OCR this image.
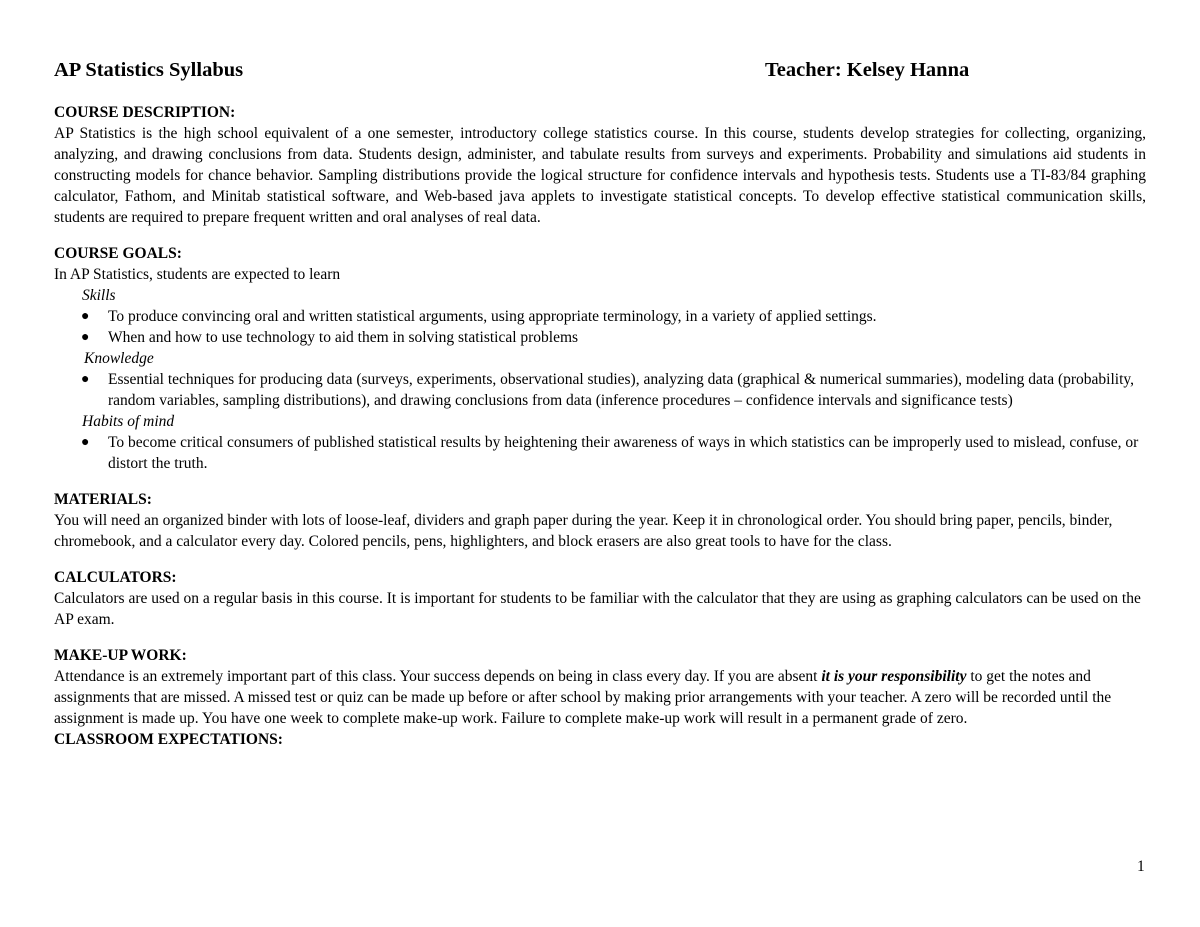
AP Statistics Syllabus	Teacher: Kelsey Hanna
COURSE DESCRIPTION:
AP Statistics is the high school equivalent of a one semester, introductory college statistics course. In this course, students develop strategies for collecting, organizing, analyzing, and drawing conclusions from data. Students design, administer, and tabulate results from surveys and experiments. Probability and simulations aid students in constructing models for chance behavior. Sampling distributions provide the logical structure for confidence intervals and hypothesis tests. Students use a TI-83/84 graphing calculator, Fathom, and Minitab statistical software, and Web-based java applets to investigate statistical concepts. To develop effective statistical communication skills, students are required to prepare frequent written and oral analyses of real data.
COURSE GOALS:
In AP Statistics, students are expected to learn
Skills
● To produce convincing oral and written statistical arguments, using appropriate terminology, in a variety of applied settings.
● When and how to use technology to aid them in solving statistical problems
Knowledge
● Essential techniques for producing data (surveys, experiments, observational studies), analyzing data (graphical & numerical summaries), modeling data (probability, random variables, sampling distributions), and drawing conclusions from data (inference procedures – confidence intervals and significance tests)
Habits of mind
● To become critical consumers of published statistical results by heightening their awareness of ways in which statistics can be improperly used to mislead, confuse, or distort the truth.
MATERIALS:
You will need an organized binder with lots of loose-leaf, dividers and graph paper during the year. Keep it in chronological order. You should bring paper, pencils, binder, chromebook, and a calculator every day. Colored pencils, pens, highlighters, and block erasers are also great tools to have for the class.
CALCULATORS:
Calculators are used on a regular basis in this course. It is important for students to be familiar with the calculator that they are using as graphing calculators can be used on the AP exam.
MAKE-UP WORK:
Attendance is an extremely important part of this class. Your success depends on being in class every day. If you are absent it is your responsibility to get the notes and assignments that are missed. A missed test or quiz can be made up before or after school by making prior arrangements with your teacher. A zero will be recorded until the assignment is made up. You have one week to complete make-up work. Failure to complete make-up work will result in a permanent grade of zero.
CLASSROOM EXPECTATIONS:
1
